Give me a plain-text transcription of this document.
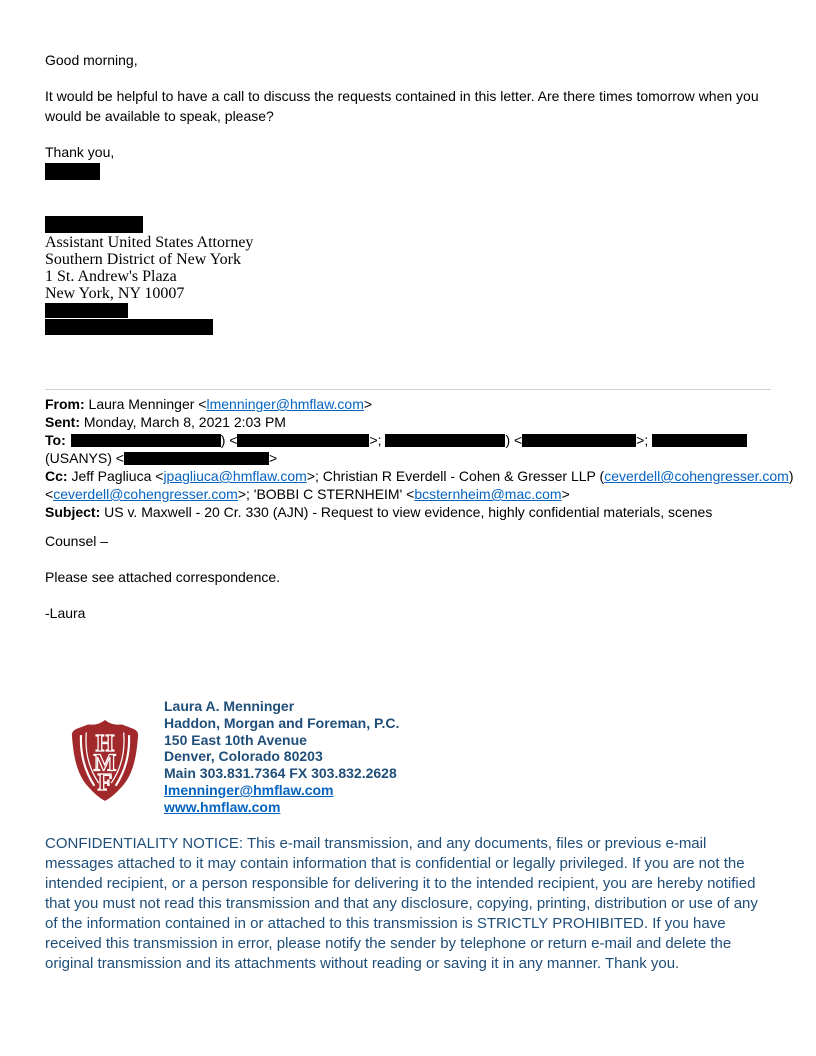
Good morning,

It would be helpful to have a call to discuss the requests contained in this letter. Are there times tomorrow when you would be available to speak, please?

Thank you,

Assistant United States Attorney
Southern District of New York
1 St. Andrew's Plaza
New York, NY 10007
From: Laura Menninger <lmenninger@hmflaw.com>
Sent: Monday, March 8, 2021 2:03 PM
To:	) <	>;	) <	>;
(USANYS) <	>
Cc: Jeff Pagliuca <jpagliuca@hmflaw.com>; Christian R Everdell - Cohen & Gresser LLP (ceverdell@cohengresser.com)
<ceverdell@cohengresser.com>; 'BOBBI C STERNHEIM' <bcsternheim@mac.com>
Subject: US v. Maxwell - 20 Cr. 330 (AJN) - Request to view evidence, highly confidential materials, scenes

Counsel –

Please see attached correspondence.

-Laura

H
M
F
Laura A. Menninger
Haddon, Morgan and Foreman, P.C.
150 East 10th Avenue
Denver, Colorado 80203
Main 303.831.7364 FX 303.832.2628
lmenninger@hmflaw.com
www.hmflaw.com
CONFIDENTIALITY NOTICE: This e-mail transmission, and any documents, files or previous e-mail messages attached to it may contain information that is confidential or legally privileged. If you are not the intended recipient, or a person responsible for delivering it to the intended recipient, you are hereby notified that you must not read this transmission and that any disclosure, copying, printing, distribution or use of any of the information contained in or attached to this transmission is STRICTLY PROHIBITED. If you have received this transmission in error, please notify the sender by telephone or return e-mail and delete the original transmission and its attachments without reading or saving it in any manner. Thank you.
